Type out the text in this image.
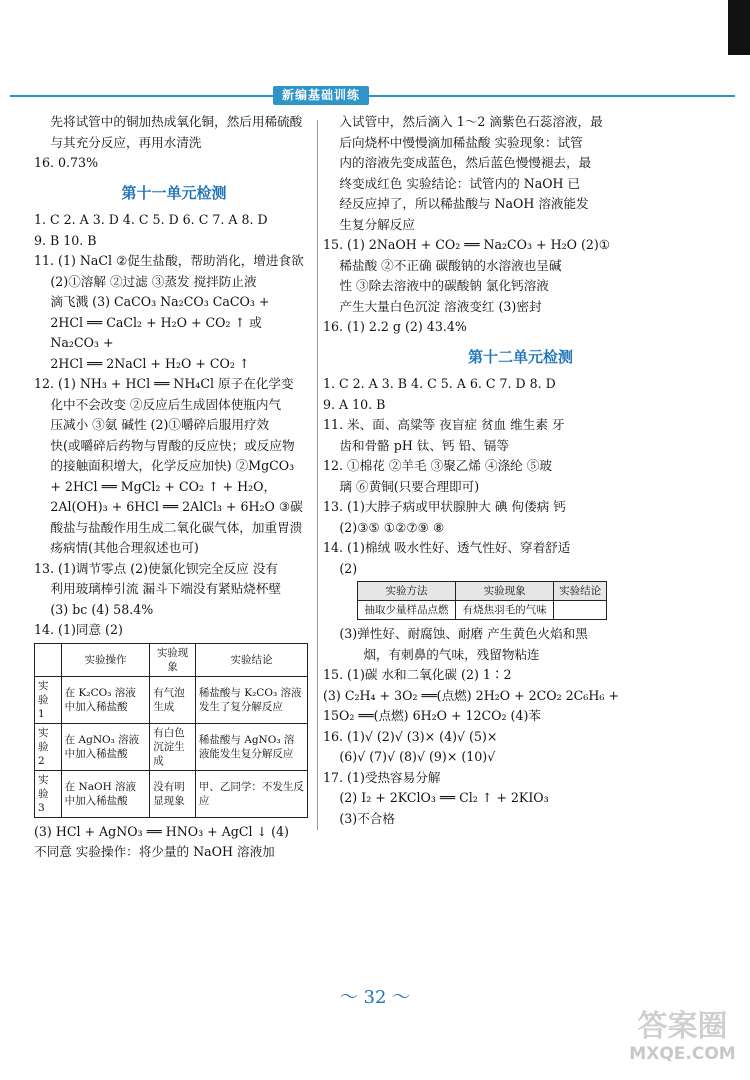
新编基础训练

先将试管中的铜加热成氧化铜，然后用稀硫酸

与其充分反应，再用水清洗

16. 0.73%

第十一单元检测

1. C 2. A 3. D 4. C 5. D 6. C 7. A 8. D

9. B 10. B

11. (1) NaCl ②促生盐酸，帮助消化，增进食欲

(2)①溶解 ②过滤 ③蒸发 搅拌防止液

滴飞溅 (3) CaCO₃ Na₂CO₃ CaCO₃ +

2HCl ══ CaCl₂ + H₂O + CO₂ ↑ 或 Na₂CO₃ +

2HCl ══ 2NaCl + H₂O + CO₂ ↑

12. (1) NH₃ + HCl ══ NH₄Cl 原子在化学变

化中不会改变 ②反应后生成固体使瓶内气

压减小 ③氨 碱性 (2)①嚼碎后服用疗效

快(或嚼碎后药物与胃酸的反应快；或反应物

的接触面积增大，化学反应加快) ②MgCO₃

+ 2HCl ══ MgCl₂ + CO₂ ↑ + H₂O，

2Al(OH)₃ + 6HCl ══ 2AlCl₃ + 6H₂O ③碳

酸盐与盐酸作用生成二氧化碳气体，加重胃溃

疡病情(其他合理叙述也可)

13. (1)调节零点 (2)使氯化钡完全反应 没有

利用玻璃棒引流 漏斗下端没有紧贴烧杯壁

(3) bc (4) 58.4%

14. (1)同意 (2)

	实验操作	实验现象	实验结论
实验 1	在 K₂CO₃ 溶液中加入稀盐酸	有气泡生成	稀盐酸与 K₂CO₃ 溶液发生了复分解反应
实验 2	在 AgNO₃ 溶液中加入稀盐酸	有白色沉淀生成	稀盐酸与 AgNO₃ 溶液能发生复分解反应
实验 3	在 NaOH 溶液中加入稀盐酸	没有明显现象	甲、乙同学：不发生反应

(3) HCl + AgNO₃ ══ HNO₃ + AgCl ↓ (4)

不同意 实验操作：将少量的 NaOH 溶液加

入试管中，然后滴入 1～2 滴紫色石蕊溶液，最

后向烧杯中慢慢滴加稀盐酸 实验现象：试管

内的溶液先变成蓝色，然后蓝色慢慢褪去，最

终变成红色 实验结论：试管内的 NaOH 已

经反应掉了，所以稀盐酸与 NaOH 溶液能发

生复分解反应

15. (1) 2NaOH + CO₂ ══ Na₂CO₃ + H₂O (2)①

稀盐酸 ②不正确 碳酸钠的水溶液也呈碱

性 ③除去溶液中的碳酸钠 氯化钙溶液

产生大量白色沉淀 溶液变红 (3)密封

16. (1) 2.2 g (2) 43.4%

第十二单元检测

1. C 2. A 3. B 4. C 5. A 6. C 7. D 8. D

9. A 10. B

11. 米、面、高粱等 夜盲症 贫血 维生素 牙

齿和骨骼 pH 钛、钙 铅、镉等

12. ①棉花 ②羊毛 ③聚乙烯 ④涤纶 ⑤玻

璃 ⑥黄铜(只要合理即可)

13. (1)大脖子病或甲状腺肿大 碘 佝偻病 钙

(2)③⑤ ①②⑦⑨ ⑧

14. (1)棉绒 吸水性好、透气性好、穿着舒适

(2)

实验方法	实验现象	实验结论
抽取少量样品点燃	有烧焦羽毛的气味	

(3)弹性好、耐腐蚀、耐磨 产生黄色火焰和黑

烟，有刺鼻的气味，残留物粘连

15. (1)碳 水和二氧化碳 (2) 1∶2

(3) C₂H₄ + 3O₂ ══(点燃) 2H₂O + 2CO₂ 2C₆H₆ +

15O₂ ══(点燃) 6H₂O + 12CO₂ (4)苯

16. (1)√ (2)√ (3)× (4)√ (5)×

(6)√ (7)√ (8)√ (9)× (10)√

17. (1)受热容易分解

(2) I₂ + 2KClO₃ ══ Cl₂ ↑ + 2KIO₃

(3)不合格

～ 32 ～
答案圈
MXQE.COM
